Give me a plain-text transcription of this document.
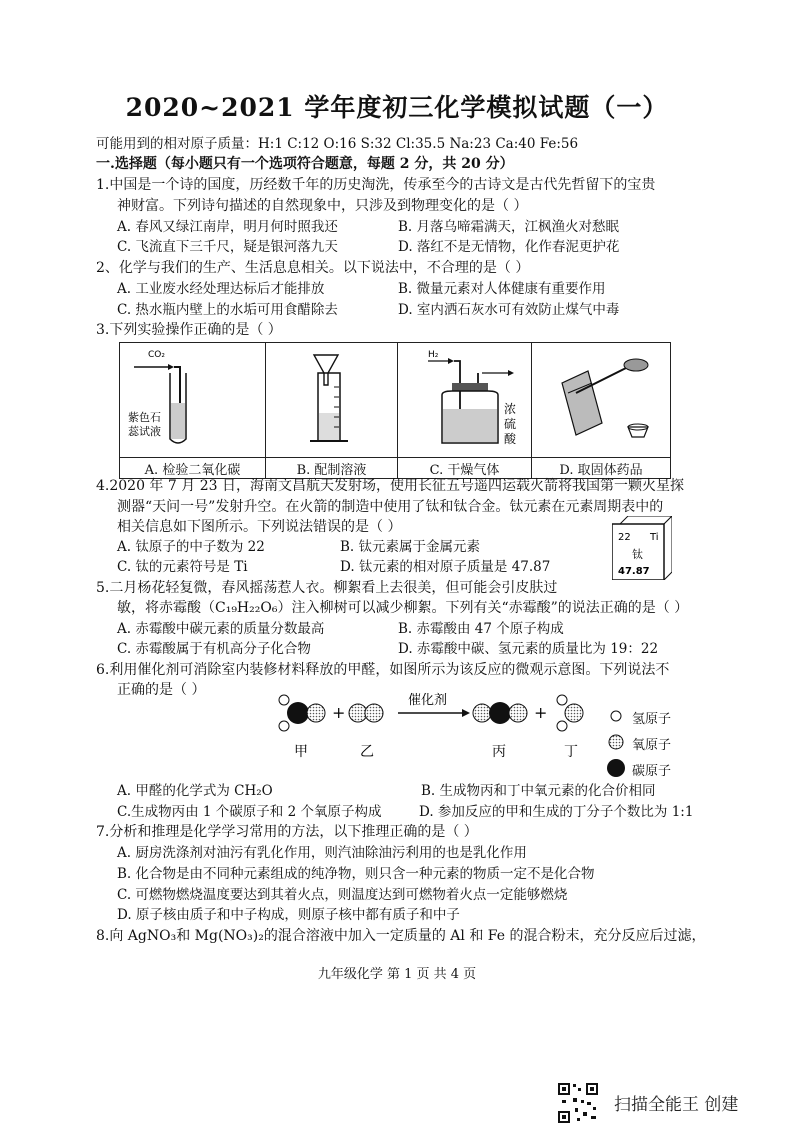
2020~2021 学年度初三化学模拟试题（一）
可能用到的相对原子质量：H:1 C:12 O:16 S:32 Cl:35.5 Na:23 Ca:40 Fe:56
一.选择题（每小题只有一个选项符合题意，每题 2 分，共 20 分）
1.中国是一个诗的国度，历经数千年的历史淘洗，传承至今的古诗文是古代先哲留下的宝贵
神财富。下列诗句描述的自然现象中，只涉及到物理变化的是（ ）
A. 春风又绿江南岸，明月何时照我还	B. 月落乌啼霜满天，江枫渔火对愁眠
C. 飞流直下三千尺，疑是银河落九天	D. 落红不是无情物，化作春泥更护花
2、化学与我们的生产、生活息息相关。以下说法中，不合理的是（ ）
A. 工业废水经处理达标后才能排放	B. 微量元素对人体健康有重要作用
C. 热水瓶内壁上的水垢可用食醋除去	D. 室内洒石灰水可有效防止煤气中毒
3.下列实验操作正确的是（ ）
CO₂
紫色石
蕊试液		H₂
浓
硫
酸

A. 检验二氧化碳	B. 配制溶液	C. 干燥气体	D. 取固体药品
4.2020 年 7 月 23 日，海南文昌航天发射场，使用长征五号遥四运载火箭将我国第一颗火星探
测器“天问一号”发射升空。在火箭的制造中使用了钛和钛合金。钛元素在元素周期表中的
相关信息如下图所示。下列说法错误的是（ ）
A. 钛原子的中子数为 22	B. 钛元素属于金属元素
C. 钛的元素符号是 Ti	D. 钛元素的相对原子质量是 47.87
22 Ti
钛
47.87
5.二月杨花轻复微，春风摇荡惹人衣。柳絮看上去很美，但可能会引皮肤过
敏，将赤霉酸（C₁₉H₂₂O₆）注入柳树可以减少柳絮。下列有关“赤霉酸”的说法正确的是（ ）
A. 赤霉酸中碳元素的质量分数最高	B. 赤霉酸由 47 个原子构成
C. 赤霉酸属于有机高分子化合物	D. 赤霉酸中碳、氢元素的质量比为 19：22
6.利用催化剂可消除室内装修材料释放的甲醛，如图所示为该反应的微观示意图。下列说法不
正确的是（ ）
+
催化剂
+
甲	乙	丙	丁
氢原子
氧原子
碳原子
A. 甲醛的化学式为 CH₂O	B. 生成物丙和丁中氧元素的化合价相同
C.生成物丙由 1 个碳原子和 2 个氧原子构成	D. 参加反应的甲和生成的丁分子个数比为 1:1
7.分析和推理是化学学习常用的方法，以下推理正确的是（ ）
A. 厨房洗涤剂对油污有乳化作用，则汽油除油污利用的也是乳化作用
B. 化合物是由不同种元素组成的纯净物，则只含一种元素的物质一定不是化合物
C. 可燃物燃烧温度要达到其着火点，则温度达到可燃物着火点一定能够燃烧
D. 原子核由质子和中子构成，则原子核中都有质子和中子
8.向 AgNO₃和 Mg(NO₃)₂的混合溶液中加入一定质量的 Al 和 Fe 的混合粉末，充分反应后过滤，
九年级化学 第 1 页 共 4 页
扫描全能王 创建
